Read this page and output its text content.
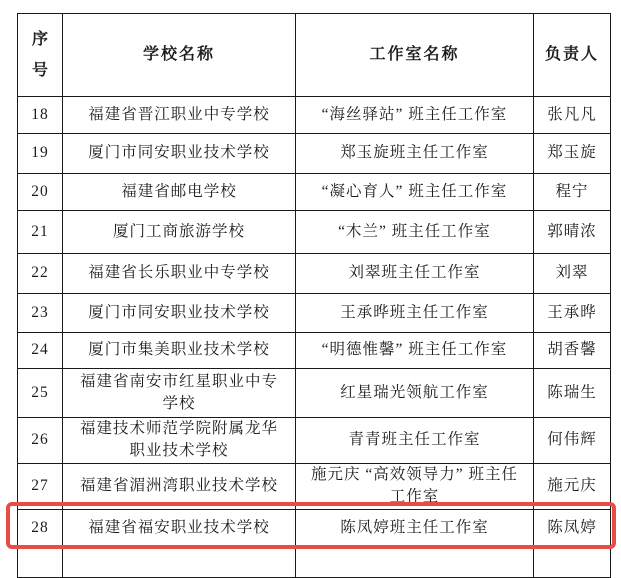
序号	学校名称	工作室名称	负责人
18	福建省晋江职业中专学校	“海丝驿站” 班主任工作室	张凡凡
19	厦门市同安职业技术学校	郑玉旋班主任工作室	郑玉旋
20	福建省邮电学校	“凝心育人” 班主任工作室	程宁
21	厦门工商旅游学校	“木兰” 班主任工作室	郭晴浓
22	福建省长乐职业中专学校	刘翠班主任工作室	刘翠
23	厦门市同安职业技术学校	王承晔班主任工作室	王承晔
24	厦门市集美职业技术学校	“明德惟馨” 班主任工作室	胡香馨
25	福建省南安市红星职业中专学校	红星瑞光领航工作室	陈瑞生
26	福建技术师范学院附属龙华职业技术学校	青青班主任工作室	何伟辉
27	福建省湄洲湾职业技术学校	施元庆 “高效领导力” 班主任工作室	施元庆
28	福建省福安职业技术学校	陈凤婷班主任工作室	陈凤婷
